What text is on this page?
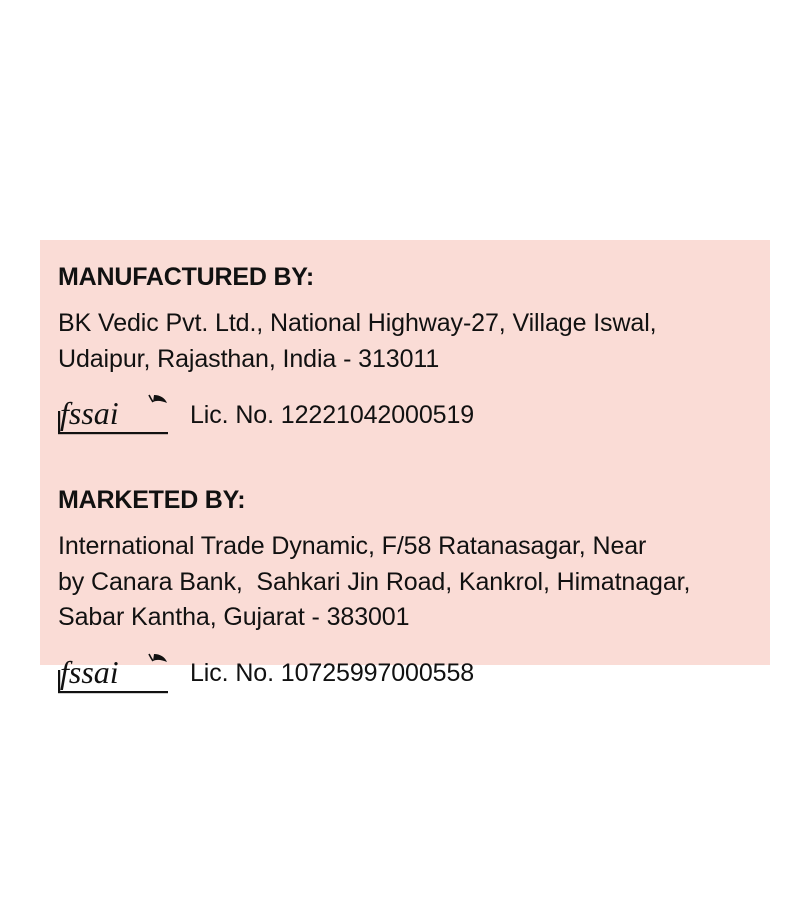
MANUFACTURED BY:
BK Vedic Pvt. Ltd., National Highway-27, Village Iswal,
Udaipur, Rajasthan, India - 313011
fssai	Lic. No. 12221042000519
MARKETED BY:
International Trade Dynamic, F/58 Ratanasagar, Near
by Canara Bank,  Sahkari Jin Road, Kankrol, Himatnagar,
Sabar Kantha, Gujarat - 383001
fssai	Lic. No. 10725997000558
